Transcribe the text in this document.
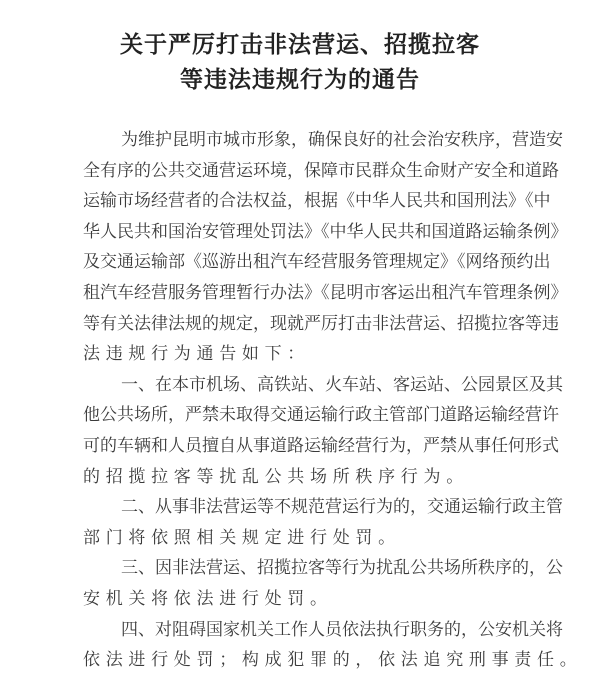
关于严厉打击非法营运、招揽拉客
等违法违规行为的通告
为维护昆明市城市形象，确保良好的社会治安秩序，营造安
全有序的公共交通营运环境，保障市民群众生命财产安全和道路
运输市场经营者的合法权益，根据《中华人民共和国刑法》《中
华人民共和国治安管理处罚法》《中华人民共和国道路运输条例》
及交通运输部《巡游出租汽车经营服务管理规定》《网络预约出
租汽车经营服务管理暂行办法》《昆明市客运出租汽车管理条例》
等有关法律法规的规定，现就严厉打击非法营运、招揽拉客等违
法违规行为通告如下：
一、在本市机场、高铁站、火车站、客运站、公园景区及其
他公共场所，严禁未取得交通运输行政主管部门道路运输经营许
可的车辆和人员擅自从事道路运输经营行为，严禁从事任何形式
的招揽拉客等扰乱公共场所秩序行为。
二、从事非法营运等不规范营运行为的，交通运输行政主管
部门将依照相关规定进行处罚。
三、因非法营运、招揽拉客等行为扰乱公共场所秩序的，公
安机关将依法进行处罚。
四、对阻碍国家机关工作人员依法执行职务的，公安机关将
依法进行处罚；构成犯罪的，依法追究刑事责任。
